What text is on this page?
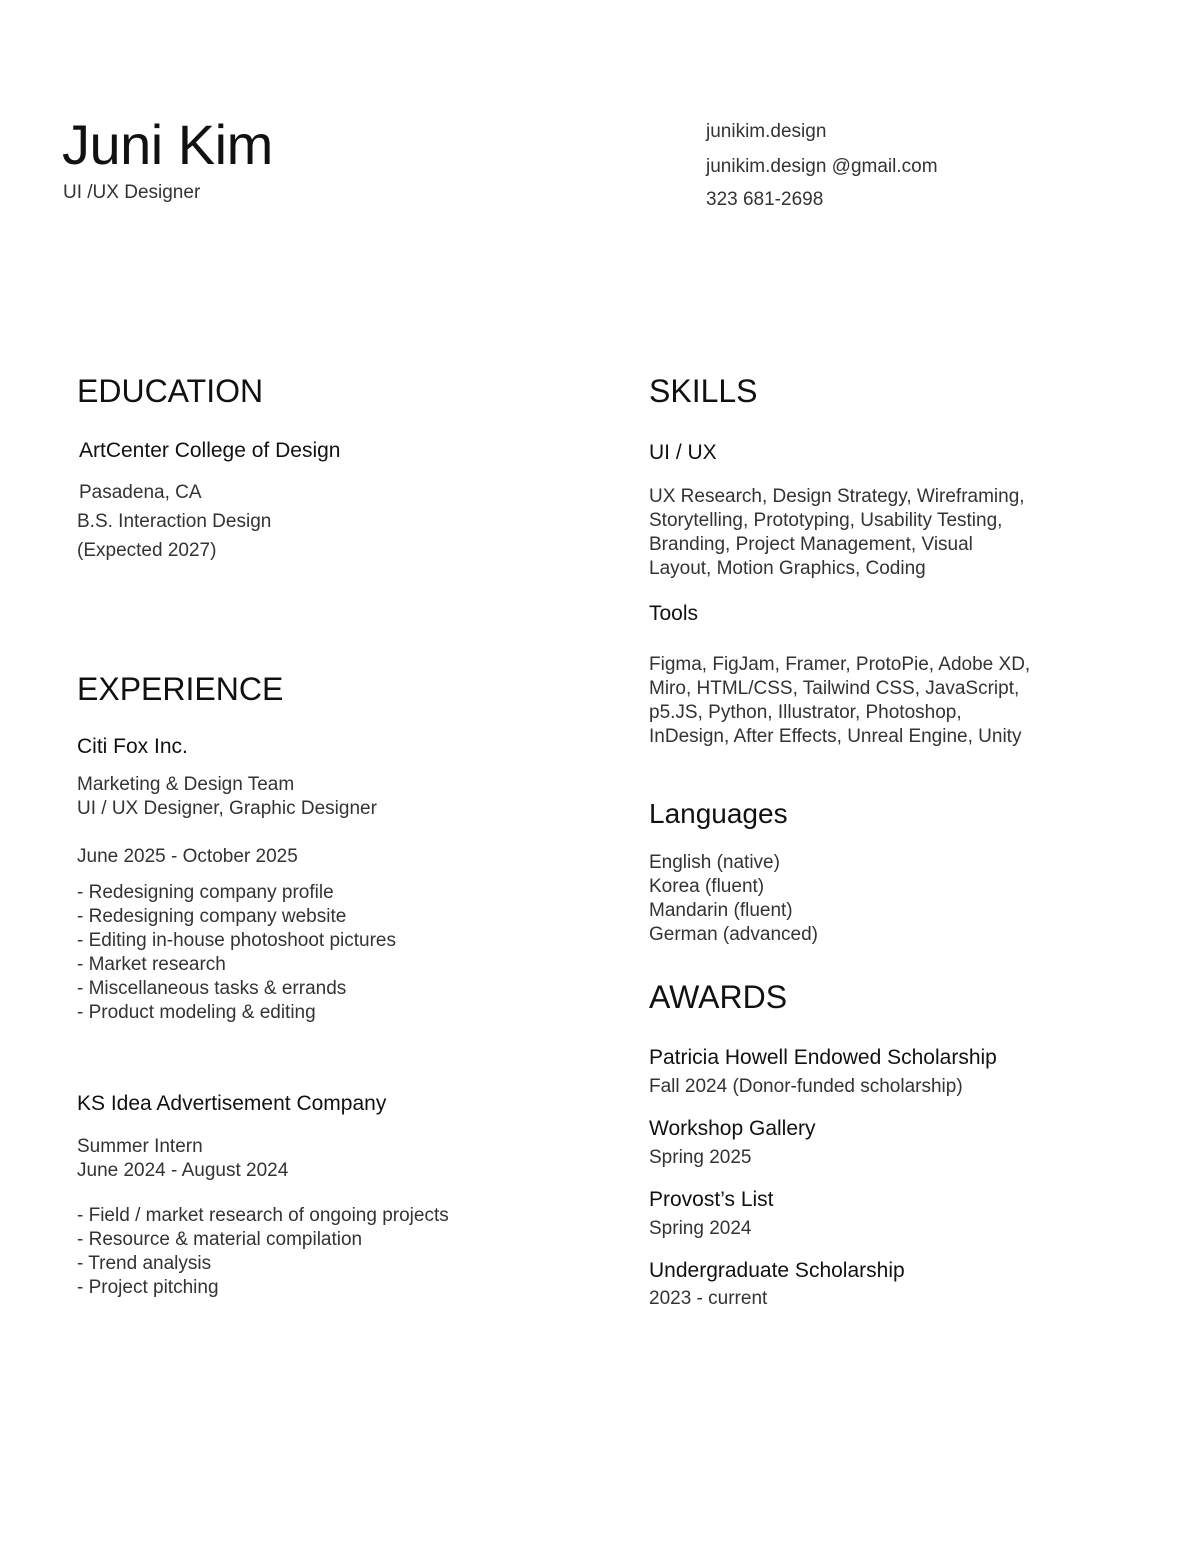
Juni Kim
UI /UX Designer
junikim.design
junikim.design @gmail.com
323 681-2698
EDUCATION
ArtCenter College of Design
Pasadena, CA
B.S. Interaction Design
(Expected 2027)
EXPERIENCE
Citi Fox Inc.
Marketing & Design Team
UI / UX Designer, Graphic Designer
June 2025 - October 2025
- Redesigning company profile
- Redesigning company website
- Editing in-house photoshoot pictures
- Market research
- Miscellaneous tasks & errands
- Product modeling & editing
KS Idea Advertisement Company
Summer Intern
June 2024 - August 2024
- Field / market research of ongoing projects
- Resource & material compilation
- Trend analysis
- Project pitching
SKILLS
UI / UX
UX Research, Design Strategy, Wireframing,
Storytelling, Prototyping, Usability Testing,
Branding, Project Management, Visual
Layout, Motion Graphics, Coding
Tools
Figma, FigJam, Framer, ProtoPie, Adobe XD,
Miro, HTML/CSS, Tailwind CSS, JavaScript,
p5.JS, Python, Illustrator, Photoshop,
InDesign, After Effects, Unreal Engine, Unity
Languages
English (native)
Korea (fluent)
Mandarin (fluent)
German (advanced)
AWARDS
Patricia Howell Endowed Scholarship
Fall 2024 (Donor-funded scholarship)
Workshop Gallery
Spring 2025
Provost’s List
Spring 2024
Undergraduate Scholarship
2023 - current
